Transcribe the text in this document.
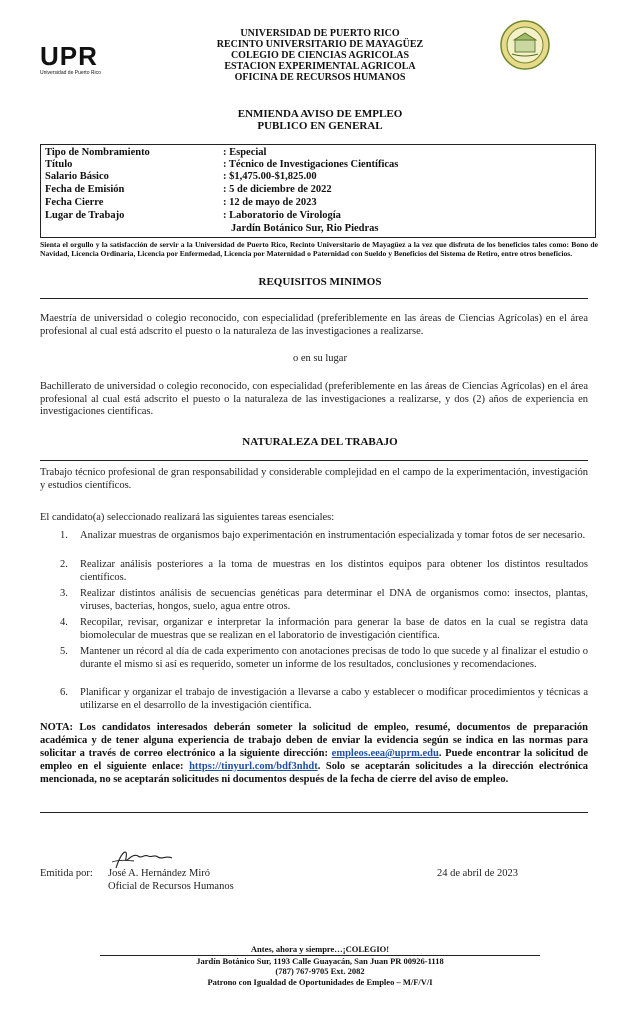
UPR
Universidad de Puerto Rico
UNIVERSIDAD DE PUERTO RICO
RECINTO UNIVERSITARIO DE MAYAGÜEZ
COLEGIO DE CIENCIAS AGRICOLAS
ESTACION EXPERIMENTAL AGRICOLA
OFICINA DE RECURSOS HUMANOS
ENMIENDA AVISO DE EMPLEO
PUBLICO EN GENERAL
Tipo de Nombramiento	: Especial
Título	: Técnico de Investigaciones Científicas
Salario Básico	: $1,475.00-$1,825.00
Fecha de Emisión	: 5 de diciembre de 2022
Fecha Cierre	: 12 de mayo de 2023
Lugar de Trabajo	: Laboratorio de Virología
Jardín Botánico Sur, Rio Piedras
Sienta el orgullo y la satisfacción de servir a la Universidad de Puerto Rico, Recinto Universitario de Mayagüez a la vez que disfruta de los beneficios tales como: Bono de Navidad, Licencia Ordinaria, Licencia por Enfermedad, Licencia por Maternidad o Paternidad con Sueldo y Beneficios del Sistema de Retiro, entre otros beneficios.
REQUISITOS MINIMOS
Maestría de universidad o colegio reconocido, con especialidad (preferiblemente en las áreas de Ciencias Agrícolas) en el área profesional al cual está adscrito el puesto o la naturaleza de las investigaciones a realizarse.
o en su lugar
Bachillerato de universidad o colegio reconocido, con especialidad (preferiblemente en las áreas de Ciencias Agrícolas) en el área profesional al cual está adscrito el puesto o la naturaleza de las investigaciones a realizarse, y dos (2) años de experiencia en investigaciones científicas.
NATURALEZA DEL TRABAJO
Trabajo técnico profesional de gran responsabilidad y considerable complejidad en el campo de la experimentación, investigación y estudios científicos.
El candidato(a) seleccionado realizará las siguientes tareas esenciales:
1. Analizar muestras de organismos bajo experimentación en instrumentación especializada y tomar fotos de ser necesario.
2. Realizar análisis posteriores a la toma de muestras en los distintos equipos para obtener los distintos resultados científicos.
3. Realizar distintos análisis de secuencias genéticas para determinar el DNA de organismos como: insectos, plantas, viruses, bacterias, hongos, suelo, agua entre otros.
4. Recopilar, revisar, organizar e interpretar la información para generar la base de datos en la cual se registra data biomolecular de muestras que se realizan en el laboratorio de investigación científica.
5. Mantener un récord al día de cada experimento con anotaciones precisas de todo lo que sucede y al finalizar el estudio o durante el mismo si así es requerido, someter un informe de los resultados, conclusiones y recomendaciones.
6. Planificar y organizar el trabajo de investigación a llevarse a cabo y establecer o modificar procedimientos y técnicas a utilizarse en el desarrollo de la investigación científica.
NOTA: Los candidatos interesados deberán someter la solicitud de empleo, resumé, documentos de preparación académica y de tener alguna experiencia de trabajo deben de enviar la evidencia según se indica en las normas para solicitar a través de correo electrónico a la siguiente dirección: empleos.eea@uprm.edu. Puede encontrar la solicitud de empleo en el siguiente enlace: https://tinyurl.com/bdf3nhdt. Solo se aceptarán solicitudes a la dirección electrónica mencionada, no se aceptarán solicitudes ni documentos después de la fecha de cierre del aviso de empleo.
Emitida por: José A. Hernández Miró
Oficial de Recursos Humanos
24 de abril de 2023
Antes, ahora y siempre…¡COLEGIO!
Jardín Botánico Sur, 1193 Calle Guayacán, San Juan PR 00926-1118
(787) 767-9705 Ext. 2082
Patrono con Igualdad de Oportunidades de Empleo – M/F/V/I
